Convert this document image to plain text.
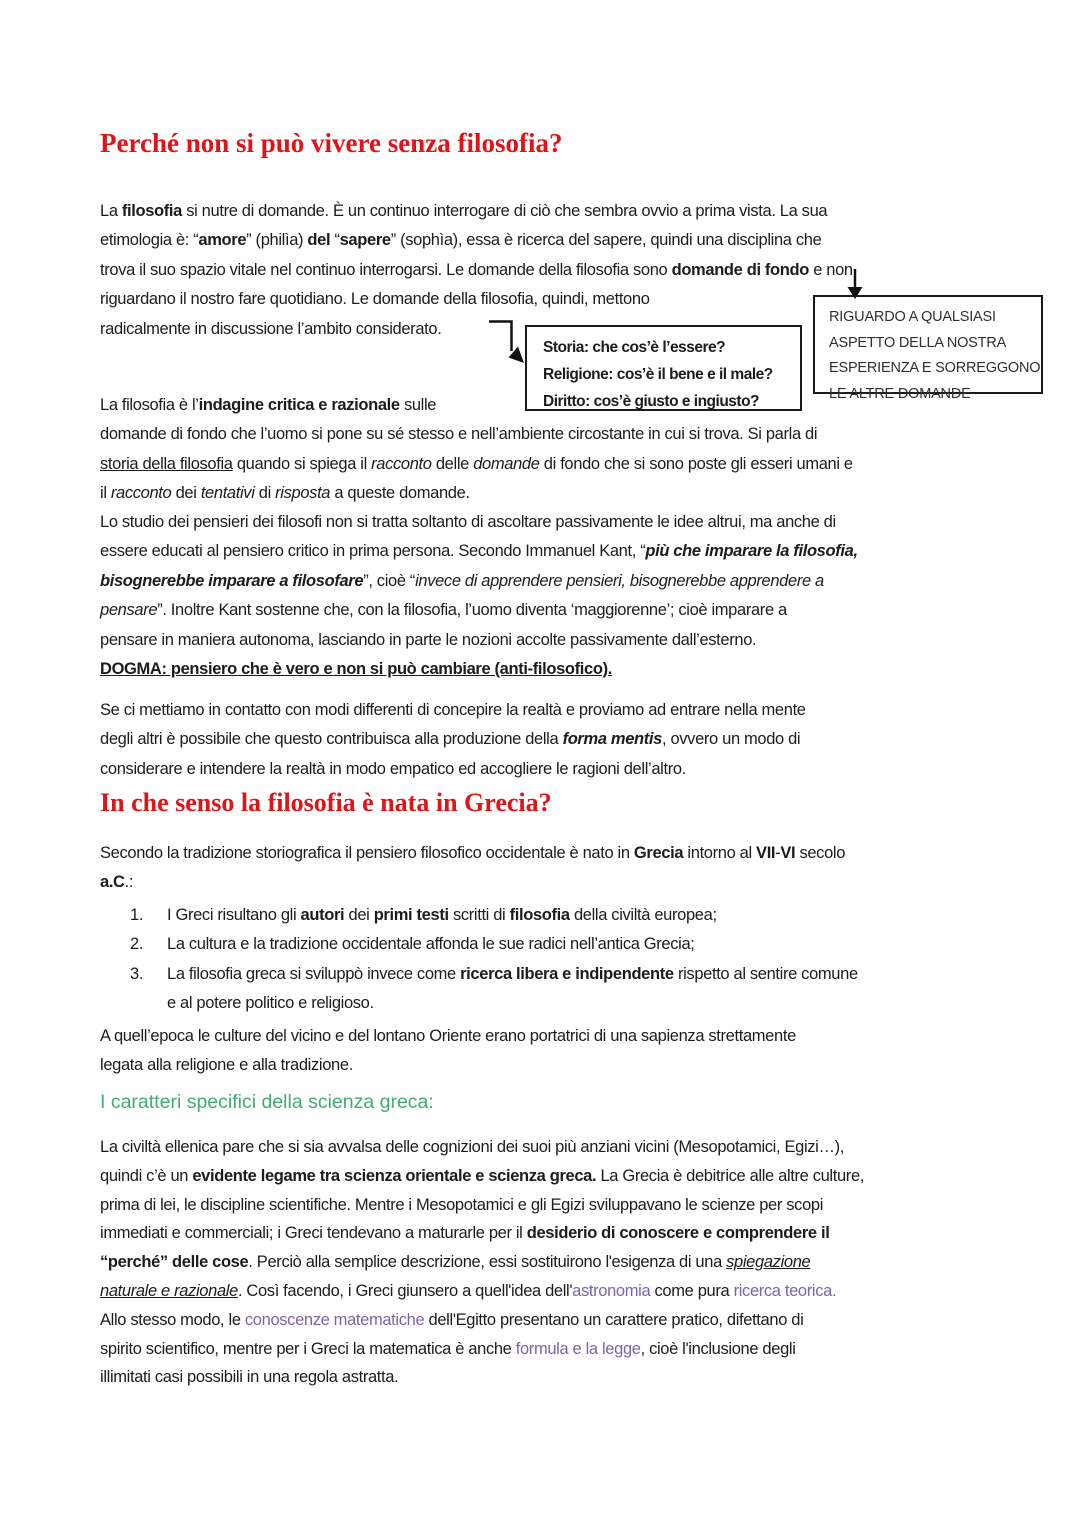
Perché non si può vivere senza filosofia?
La filosofia si nutre di domande. È un continuo interrogare di ciò che sembra ovvio a prima vista. La sua
etimologia è: “amore” (philìa) del “sapere” (sophìa), essa è ricerca del sapere, quindi una disciplina che
trova il suo spazio vitale nel continuo interrogarsi. Le domande della filosofia sono domande di fondo e non
riguardano il nostro fare quotidiano. Le domande della filosofia, quindi, mettono
radicalmente in discussione l’ambito considerato.
Storia: che cos’è l’essere?
Religione: cos’è il bene e il male?
Diritto: cos’è giusto e ingiusto?
RIGUARDO A QUALSIASI
ASPETTO DELLA NOSTRA
ESPERIENZA E SORREGGONO
LE ALTRE DOMANDE
La filosofia è l’indagine critica e razionale sulle
domande di fondo che l’uomo si pone su sé stesso e nell’ambiente circostante in cui si trova. Si parla di
storia della filosofia quando si spiega il racconto delle domande di fondo che si sono poste gli esseri umani e
il racconto dei tentativi di risposta a queste domande.
Lo studio dei pensieri dei filosofi non si tratta soltanto di ascoltare passivamente le idee altrui, ma anche di
essere educati al pensiero critico in prima persona. Secondo Immanuel Kant, “più che imparare la filosofia,
bisognerebbe imparare a filosofare”, cioè “invece di apprendere pensieri, bisognerebbe apprendere a
pensare”. Inoltre Kant sostenne che, con la filosofia, l’uomo diventa ‘maggiorenne’; cioè imparare a
pensare in maniera autonoma, lasciando in parte le nozioni accolte passivamente dall’esterno.
DOGMA: pensiero che è vero e non si può cambiare (anti-filosofico).
Se ci mettiamo in contatto con modi differenti di concepire la realtà e proviamo ad entrare nella mente
degli altri è possibile che questo contribuisca alla produzione della forma mentis, ovvero un modo di
considerare e intendere la realtà in modo empatico ed accogliere le ragioni dell’altro.
In che senso la filosofia è nata in Grecia?
Secondo la tradizione storiografica il pensiero filosofico occidentale è nato in Grecia intorno al VII-VI secolo
a.C.:
1.	I Greci risultano gli autori dei primi testi scritti di filosofia della civiltà europea;
2.	La cultura e la tradizione occidentale affonda le sue radici nell’antica Grecia;
3.	La filosofia greca si sviluppò invece come ricerca libera e indipendente rispetto al sentire comune
e al potere politico e religioso.
A quell’epoca le culture del vicino e del lontano Oriente erano portatrici di una sapienza strettamente
legata alla religione e alla tradizione.
I caratteri specifici della scienza greca:
La civiltà ellenica pare che si sia avvalsa delle cognizioni dei suoi più anziani vicini (Mesopotamici, Egizi…),
quindi c’è un evidente legame tra scienza orientale e scienza greca. La Grecia è debitrice alle altre culture,
prima di lei, le discipline scientifiche. Mentre i Mesopotamici e gli Egizi sviluppavano le scienze per scopi
immediati e commerciali; i Greci tendevano a maturarle per il desiderio di conoscere e comprendere il
“perché” delle cose. Perciò alla semplice descrizione, essi sostituirono l'esigenza di una spiegazione
naturale e razionale. Così facendo, i Greci giunsero a quell'idea dell'astronomia come pura ricerca teorica.
Allo stesso modo, le conoscenze matematiche dell'Egitto presentano un carattere pratico, difettano di
spirito scientifico, mentre per i Greci la matematica è anche formula e la legge, cioè l'inclusione degli
illimitati casi possibili in una regola astratta.
